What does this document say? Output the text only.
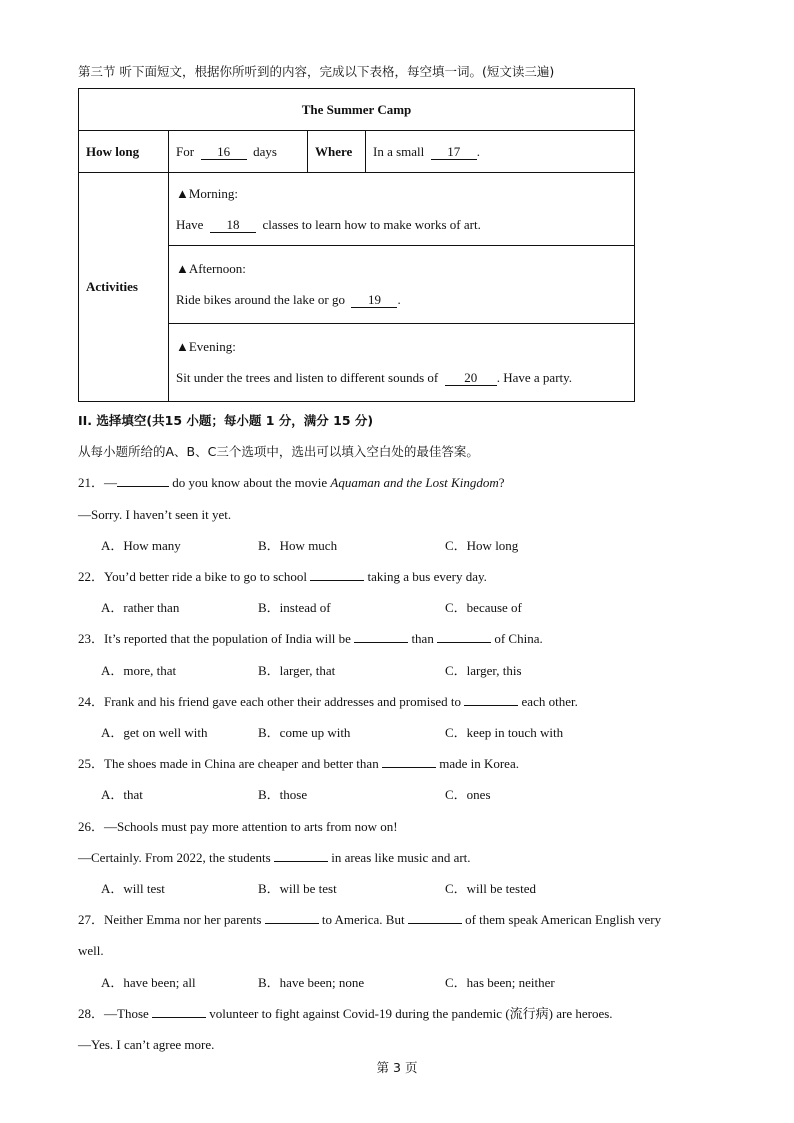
第三节 听下面短文，根据你所听到的内容，完成以下表格，每空填一词。(短文读三遍)
The Summer Camp			
How long	For 16 days	Where	In a small 17 .
Activities	▲Morning:

Have 18 classes to learn how to make works of art.		

	▲Afternoon:

Ride bikes around the lake or go 19 .		

	▲Evening:

Sit under the trees and listen to different sounds of 20 . Have a party.		

II. 选择填空(共15 小题；每小题 1 分，满分 15 分)
从每小题所给的A、B、C三个选项中，选出可以填入空白处的最佳答案。
21．—	do you know about the movie Aquaman and the Lost Kingdom?
—Sorry. I haven’t seen it yet.
A．How many	B．How much	C．How long
22．You’d better ride a bike to go to school	taking a bus every day.
A．rather than	B．instead of	C．because of
23．It’s reported that the population of India will be	than	of China.
A．more, that	B．larger, that	C．larger, this
24．Frank and his friend gave each other their addresses and promised to	each other.
A．get on well with	B．come up with	C．keep in touch with
25．The shoes made in China are cheaper and better than	made in Korea.
A．that	B．those	C．ones
26．—Schools must pay more attention to arts from now on!
—Certainly. From 2022, the students	in areas like music and art.
A．will test	B．will be test	C．will be tested
27．Neither Emma nor her parents	to America. But	of them speak American English very
well.
A．have been; all	B．have been; none	C．has been; neither
28．—Those	volunteer to fight against Covid-19 during the pandemic (流行病) are heroes.
—Yes. I can’t agree more.
第 3 页
